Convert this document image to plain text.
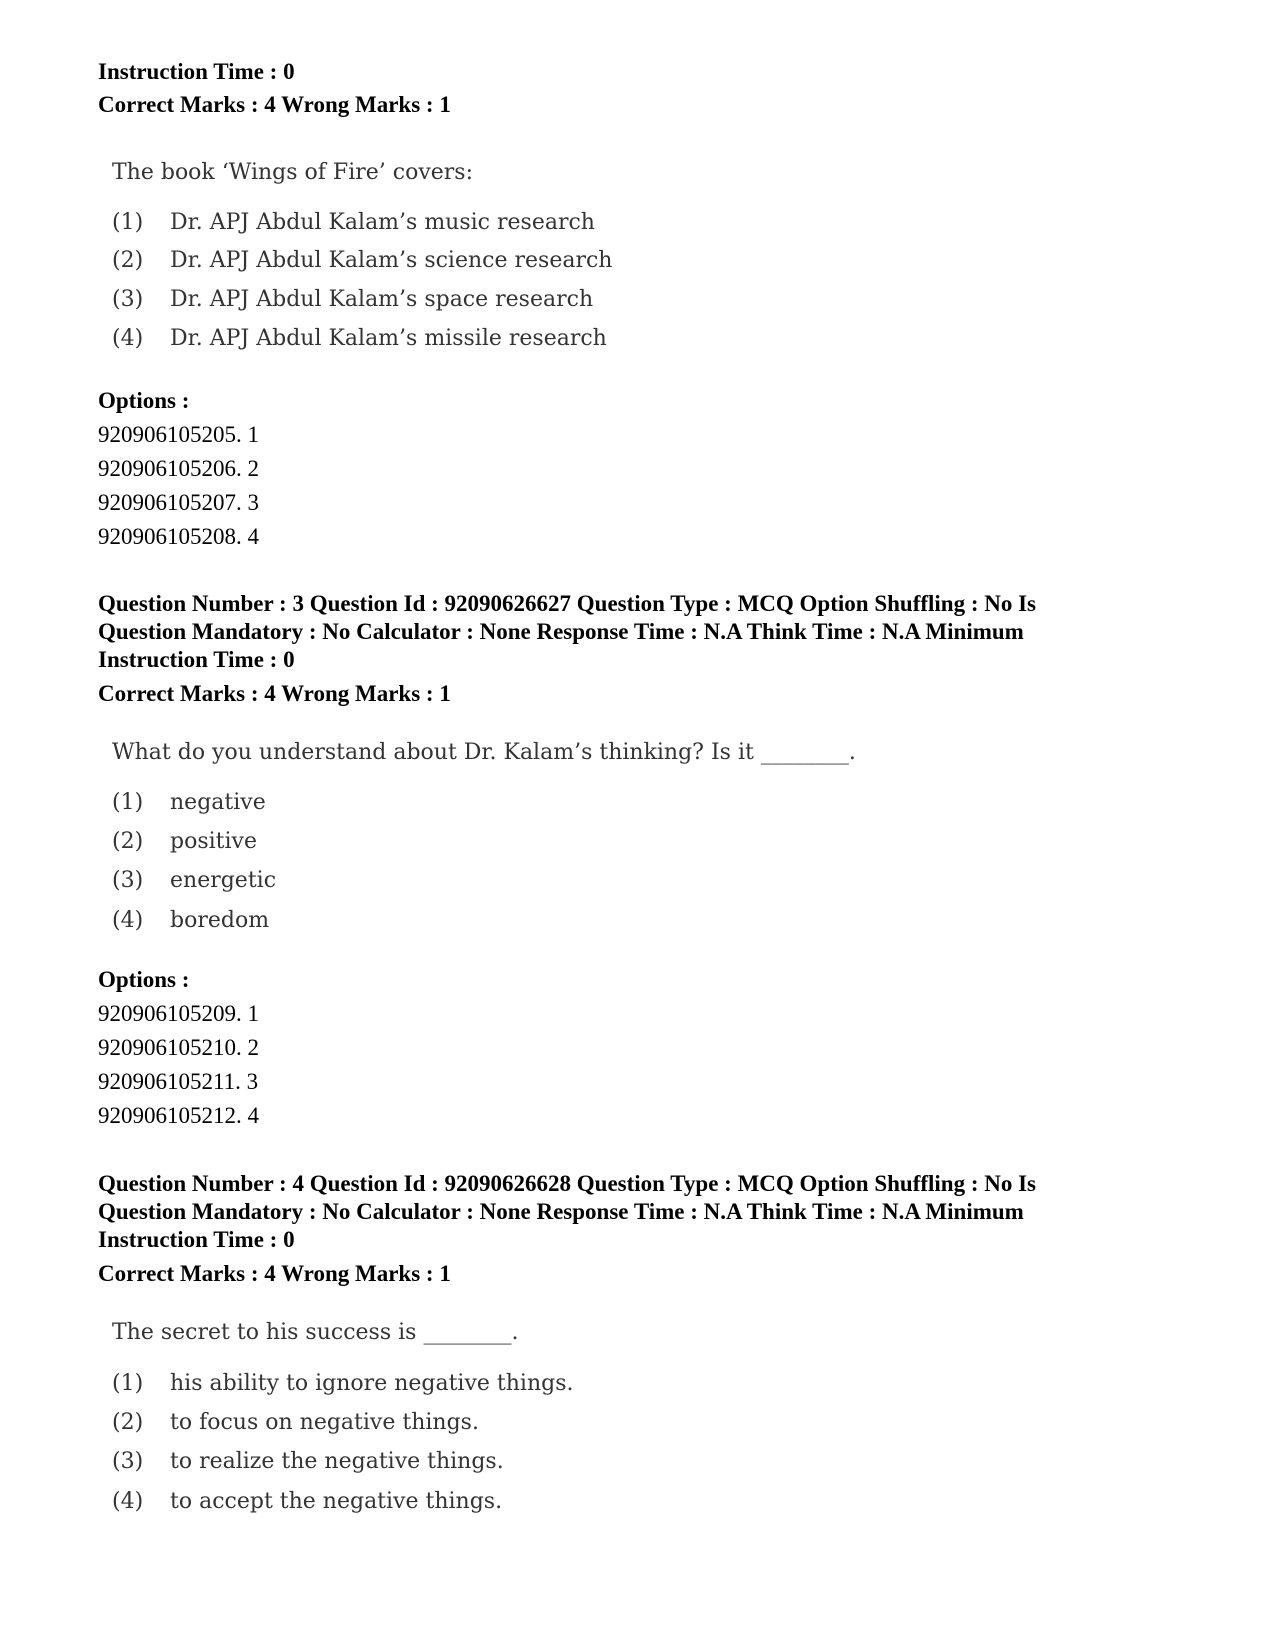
Instruction Time : 0
Correct Marks : 4 Wrong Marks : 1
The book ‘Wings of Fire’ covers:
(1) Dr. APJ Abdul Kalam’s music research
(2) Dr. APJ Abdul Kalam’s science research
(3) Dr. APJ Abdul Kalam’s space research
(4) Dr. APJ Abdul Kalam’s missile research
Options :
920906105205. 1
920906105206. 2
920906105207. 3
920906105208. 4
Question Number : 3 Question Id : 92090626627 Question Type : MCQ Option Shuffling : No Is
Question Mandatory : No Calculator : None Response Time : N.A Think Time : N.A Minimum
Instruction Time : 0
Correct Marks : 4 Wrong Marks : 1
What do you understand about Dr. Kalam’s thinking? Is it ________.
(1) negative
(2) positive
(3) energetic
(4) boredom
Options :
920906105209. 1
920906105210. 2
920906105211. 3
920906105212. 4
Question Number : 4 Question Id : 92090626628 Question Type : MCQ Option Shuffling : No Is
Question Mandatory : No Calculator : None Response Time : N.A Think Time : N.A Minimum
Instruction Time : 0
Correct Marks : 4 Wrong Marks : 1
The secret to his success is ________.
(1) his ability to ignore negative things.
(2) to focus on negative things.
(3) to realize the negative things.
(4) to accept the negative things.
